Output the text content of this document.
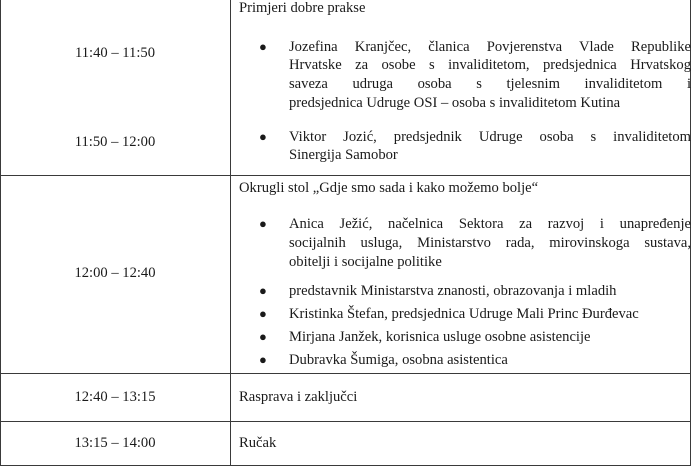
11:40 – 11:50
11:50 – 12:00
Primjeri dobre prakse
● Jozefina Kranjčec, članica Povjerenstva Vlade Republike
Hrvatske za osobe s invaliditetom, predsjednica Hrvatskog
saveza udruga osoba s tjelesnim invaliditetom i
predsjednica Udruge OSI – osoba s invaliditetom Kutina
● Viktor Jozić, predsjednik Udruge osoba s invaliditetom
Sinergija Samobor
12:00 – 12:40
Okrugli stol „Gdje smo sada i kako možemo bolje“
● Anica Ježić, načelnica Sektora za razvoj i unapređenje
socijalnih usluga, Ministarstvo rada, mirovinskoga sustava,
obitelji i socijalne politike
● predstavnik Ministarstva znanosti, obrazovanja i mladih
● Kristinka Štefan, predsjednica Udruge Mali Princ Đurđevac
● Mirjana Janžek, korisnica usluge osobne asistencije
● Dubravka Šumiga, osobna asistentica
12:40 – 13:15	Rasprava i zaključci
13:15 – 14:00	Ručak
